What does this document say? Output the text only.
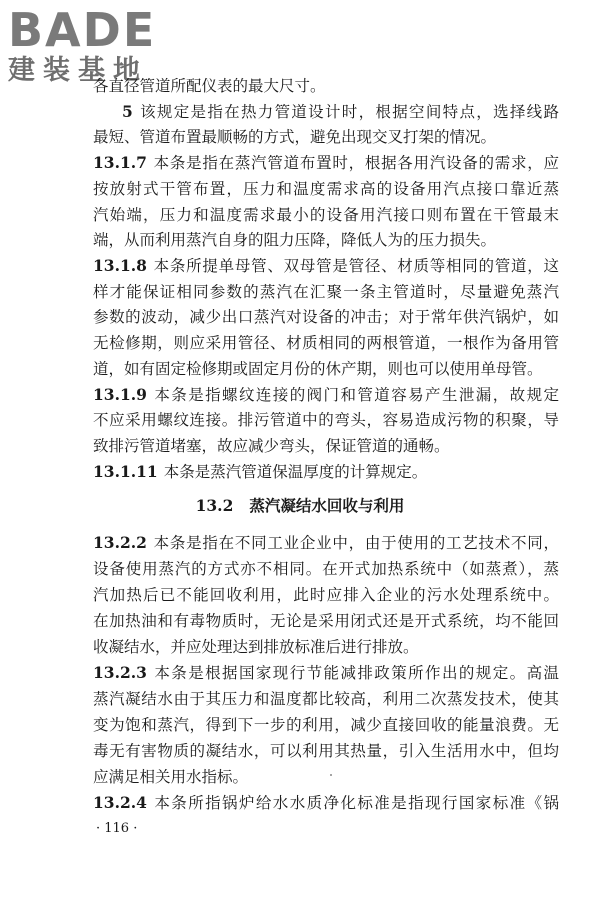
BADE
建装基地
各直径管道所配仪表的最大尺寸。
5 该规定是指在热力管道设计时，根据空间特点，选择线路
最短、管道布置最顺畅的方式，避免出现交叉打架的情况。
13.1.7 本条是指在蒸汽管道布置时，根据各用汽设备的需求，应
按放射式干管布置，压力和温度需求高的设备用汽点接口靠近蒸
汽始端，压力和温度需求最小的设备用汽接口则布置在干管最末
端，从而利用蒸汽自身的阻力压降，降低人为的压力损失。
13.1.8 本条所提单母管、双母管是管径、材质等相同的管道，这
样才能保证相同参数的蒸汽在汇聚一条主管道时，尽量避免蒸汽
参数的波动，减少出口蒸汽对设备的冲击；对于常年供汽锅炉，如
无检修期，则应采用管径、材质相同的两根管道，一根作为备用管
道，如有固定检修期或固定月份的休产期，则也可以使用单母管。
13.1.9 本条是指螺纹连接的阀门和管道容易产生泄漏，故规定
不应采用螺纹连接。排污管道中的弯头，容易造成污物的积聚，导
致排污管道堵塞，故应减少弯头，保证管道的通畅。
13.1.11 本条是蒸汽管道保温厚度的计算规定。
13.2 蒸汽凝结水回收与利用
13.2.2 本条是指在不同工业企业中，由于使用的工艺技术不同，
设备使用蒸汽的方式亦不相同。在开式加热系统中（如蒸煮），蒸
汽加热后已不能回收利用，此时应排入企业的污水处理系统中。
在加热油和有毒物质时，无论是采用闭式还是开式系统，均不能回
收凝结水，并应处理达到排放标准后进行排放。
13.2.3 本条是根据国家现行节能减排政策所作出的规定。高温
蒸汽凝结水由于其压力和温度都比较高，利用二次蒸发技术，使其
变为饱和蒸汽，得到下一步的利用，减少直接回收的能量浪费。无
毒无有害物质的凝结水，可以利用其热量，引入生活用水中，但均
应满足相关用水指标。
13.2.4 本条所指锅炉给水水质净化标准是指现行国家标准《锅
· 116 ·
